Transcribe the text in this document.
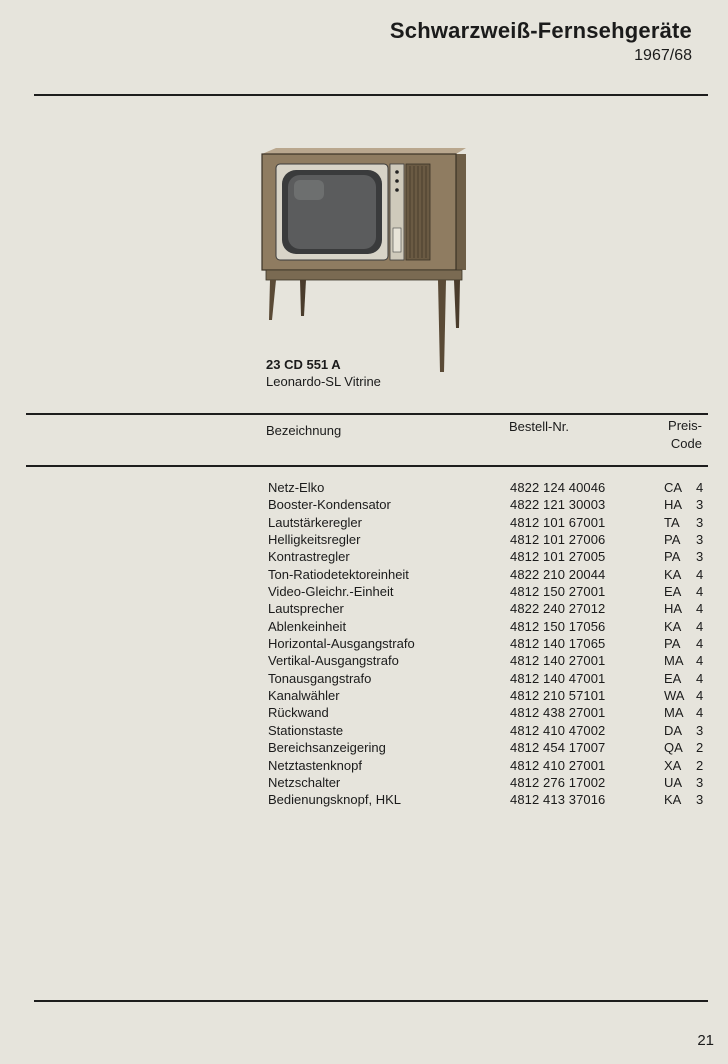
Schwarzweiß-Fernsehgeräte
1967/68
23 CD 551 A
Leonardo-SL Vitrine
Bezeichnung	Bestell-Nr.	Preis-
Code
Netz-Elko	4822 124 40046	CA 4
Booster-Kondensator	4822 121 30003	HA 3
Lautstärkeregler	4812 101 67001	TA 3
Helligkeitsregler	4812 101 27006	PA 3
Kontrastregler	4812 101 27005	PA 3
Ton-Ratiodetektoreinheit	4822 210 20044	KA 4
Video-Gleichr.-Einheit	4812 150 27001	EA 4
Lautsprecher	4822 240 27012	HA 4
Ablenkeinheit	4812 150 17056	KA 4
Horizontal-Ausgangstrafo	4812 140 17065	PA 4
Vertikal-Ausgangstrafo	4812 140 27001	MA 4
Tonausgangstrafo	4812 140 47001	EA 4
Kanalwähler	4812 210 57101	WA 4
Rückwand	4812 438 27001	MA 4
Stationstaste	4812 410 47002	DA 3
Bereichsanzeigering	4812 454 17007	QA 2
Netztastenknopf	4812 410 27001	XA 2
Netzschalter	4812 276 17002	UA 3
Bedienungsknopf, HKL	4812 413 37016	KA 3
21
